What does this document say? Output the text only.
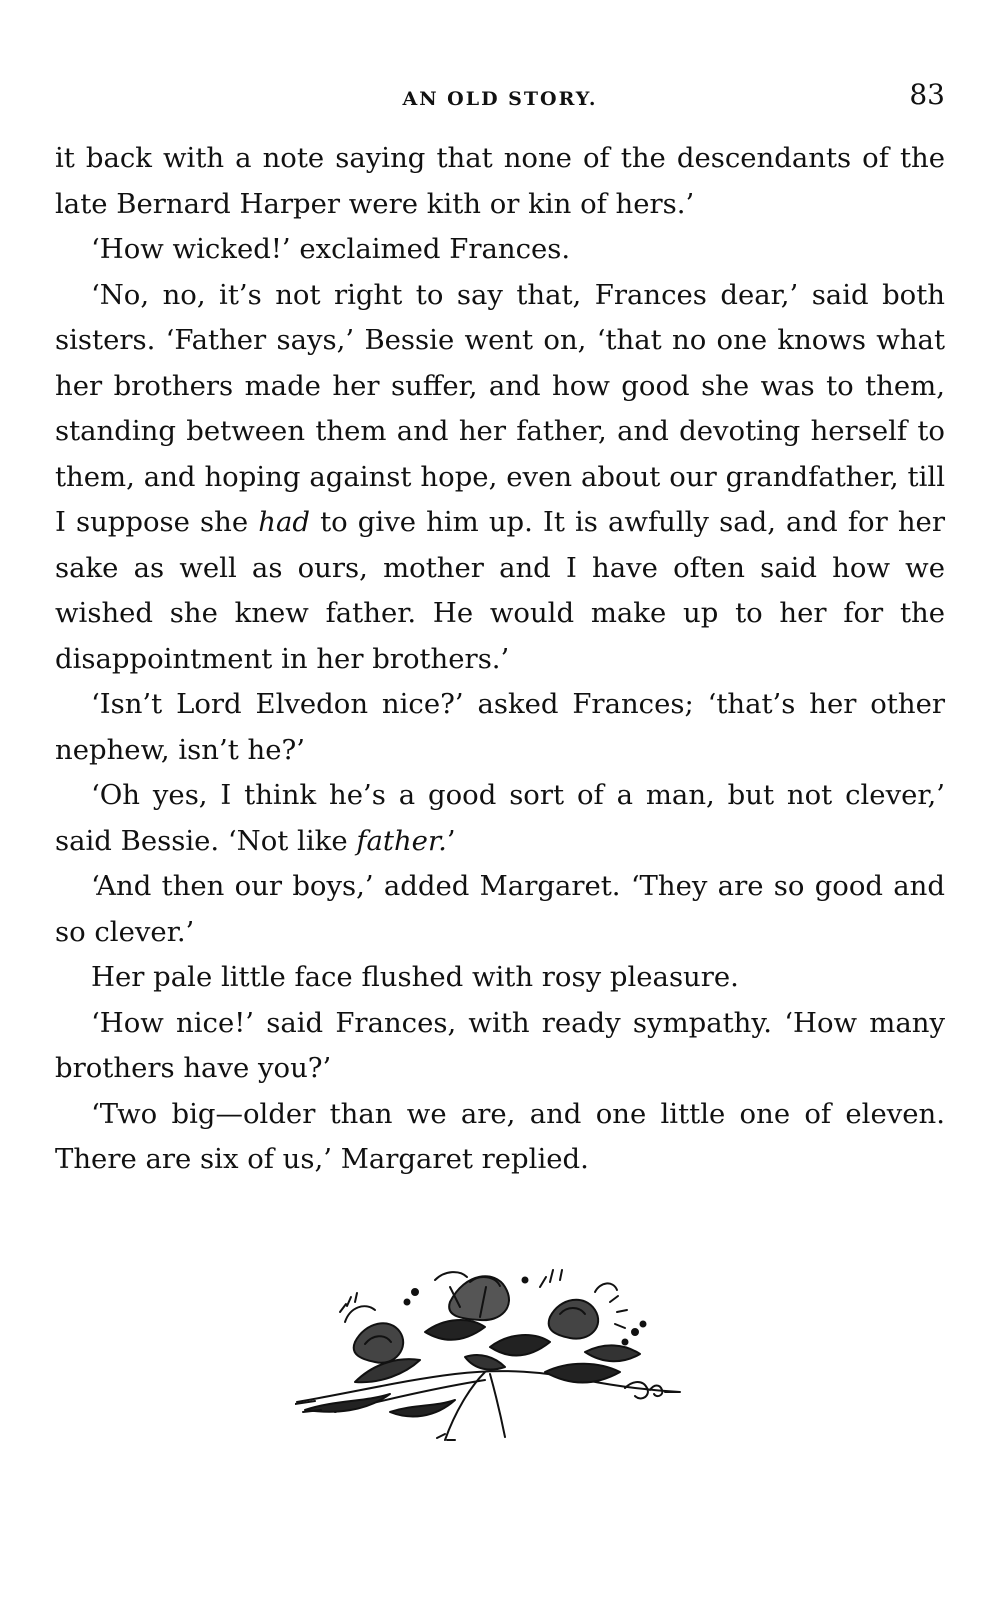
AN OLD STORY.	83

it back with a note saying that none of the descendants of the late Bernard Harper were kith or kin of hers.’

‘How wicked!’ exclaimed Frances.

‘No, no, it’s not right to say that, Frances dear,’ said both sisters. ‘Father says,’ Bessie went on, ‘that no one knows what her brothers made her suffer, and how good she was to them, standing between them and her father, and devoting herself to them, and hoping against hope, even about our grandfather, till I suppose she had to give him up. It is awfully sad, and for her sake as well as ours, mother and I have often said how we wished she knew father. He would make up to her for the disappointment in her brothers.’

‘Isn’t Lord Elvedon nice?’ asked Frances; ‘that’s her other nephew, isn’t he?’

‘Oh yes, I think he’s a good sort of a man, but not clever,’ said Bessie. ‘Not like father.’

‘And then our boys,’ added Margaret. ‘They are so good and so clever.’

Her pale little face flushed with rosy pleasure.

‘How nice!’ said Frances, with ready sympathy. ‘How many brothers have you?’

‘Two big—older than we are, and one little one of eleven. There are six of us,’ Margaret replied.
